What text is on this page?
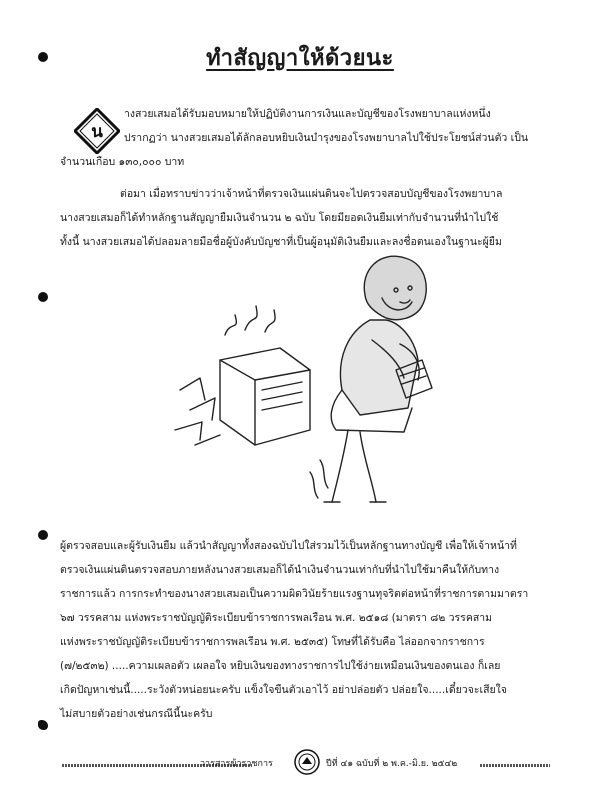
ทำสัญญาให้ด้วยนะ
น
างสวยเสมอได้รับมอบหมายให้ปฏิบัติงานการเงินและบัญชีของโรงพยาบาลแห่งหนึ่ง
ปรากฏว่า นางสวยเสมอได้ลักลอบหยิบเงินบำรุงของโรงพยาบาลไปใช้ประโยชน์ส่วนตัว เป็น
จำนวนเกือบ ๑๓๐,๐๐๐ บาท
ต่อมา เมื่อทราบข่าวว่าเจ้าหน้าที่ตรวจเงินแผ่นดินจะไปตรวจสอบบัญชีของโรงพยาบาล
นางสวยเสมอก็ได้ทำหลักฐานสัญญายืมเงินจำนวน ๒ ฉบับ โดยมียอดเงินยืมเท่ากับจำนวนที่นำไปใช้
ทั้งนี้ นางสวยเสมอได้ปลอมลายมือชื่อผู้บังคับบัญชาที่เป็นผู้อนุมัติเงินยืมและลงชื่อตนเองในฐานะผู้ยืม
ผู้ตรวจสอบและผู้รับเงินยืม แล้วนำสัญญาทั้งสองฉบับไปใส่รวมไว้เป็นหลักฐานทางบัญชี เพื่อให้เจ้าหน้าที่
ตรวจเงินแผ่นดินตรวจสอบภายหลังนางสวยเสมอก็ได้นำเงินจำนวนเท่ากับที่นำไปใช้มาคืนให้กับทาง
ราชการแล้ว การกระทำของนางสวยเสมอเป็นความผิดวินัยร้ายแรงฐานทุจริตต่อหน้าที่ราชการตามมาตรา
๖๗ วรรคสาม แห่งพระราชบัญญัติระเบียบข้าราชการพลเรือน พ.ศ. ๒๕๑๘ (มาตรา ๘๒ วรรคสาม
แห่งพระราชบัญญัติระเบียบข้าราชการพลเรือน พ.ศ. ๒๕๓๕) โทษที่ได้รับคือ ไล่ออกจากราชการ
(๗/๒๕๓๒) .....ความเผลอตัว เผลอใจ หยิบเงินของทางราชการไปใช้ง่ายเหมือนเงินของตนเอง ก็เลย
เกิดปัญหาเช่นนี้.....ระวังตัวหน่อยนะครับ แข็งใจขืนตัวเอาไว้ อย่าปล่อยตัว ปล่อยใจ.....เดี๋ยวจะเสียใจ
ไม่สบายตัวอย่างเช่นกรณีนี้นะครับ
วารสารข้าราชการ	ปีที่ ๔๑ ฉบับที่ ๒ พ.ค.-มิ.ย. ๒๕๔๒
